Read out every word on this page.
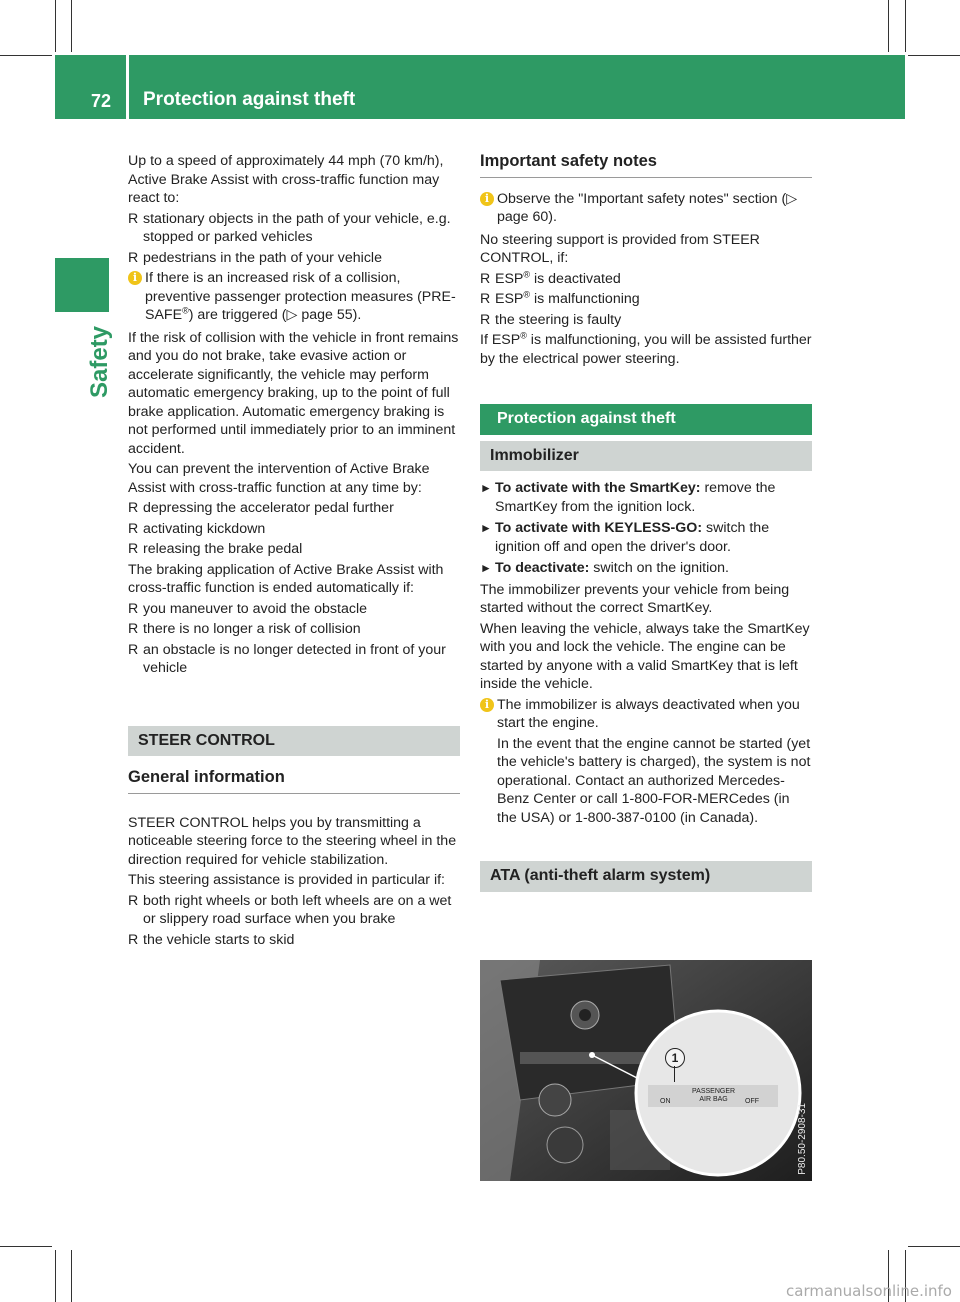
72 Protection against theft
Safety

Up to a speed of approximately 44 mph (70 km/h), Active Brake Assist with cross-traffic function may react to:

R stationary objects in the path of your vehicle, e.g. stopped or parked vehicles
R pedestrians in the path of your vehicle
i If there is an increased risk of a collision, preventive passenger protection measures (PRE-SAFE®) are triggered (▷ page 55).

If the risk of collision with the vehicle in front remains and you do not brake, take evasive action or accelerate significantly, the vehicle may perform automatic emergency braking, up to the point of full brake application. Automatic emergency braking is not performed until immediately prior to an imminent accident.

You can prevent the intervention of Active Brake Assist with cross-traffic function at any time by:

R depressing the accelerator pedal further
R activating kickdown
R releasing the brake pedal

The braking application of Active Brake Assist with cross-traffic function is ended automatically if:

R you maneuver to avoid the obstacle
R there is no longer a risk of collision
R an obstacle is no longer detected in front of your vehicle
STEER CONTROL
General information

STEER CONTROL helps you by transmitting a noticeable steering force to the steering wheel in the direction required for vehicle stabilization.

This steering assistance is provided in particular if:

R both right wheels or both left wheels are on a wet or slippery road surface when you brake
R the vehicle starts to skid
Important safety notes
i Observe the "Important safety notes" section (▷ page 60).

No steering support is provided from STEER CONTROL, if:

R ESP® is deactivated
R ESP® is malfunctioning
R the steering is faulty

If ESP® is malfunctioning, you will be assisted further by the electrical power steering.

Protection against theft
Immobilizer
► To activate with the SmartKey: remove the SmartKey from the ignition lock.
► To activate with KEYLESS-GO: switch the ignition off and open the driver's door.
► To deactivate: switch on the ignition.

The immobilizer prevents your vehicle from being started without the correct SmartKey.

When leaving the vehicle, always take the SmartKey with you and lock the vehicle. The engine can be started by anyone with a valid SmartKey that is left inside the vehicle.

i The immobilizer is always deactivated when you start the engine.
In the event that the engine cannot be started (yet the vehicle's battery is charged), the system is not operational. Contact an authorized Mercedes-Benz Center or call 1-800-FOR-MERCedes (in the USA) or 1-800-387-0100 (in Canada).
ATA (anti-theft alarm system)
1
PASSENGER
AIR BAG
ON	OFF
P80.50-2908-31
carmanualsonline.info
